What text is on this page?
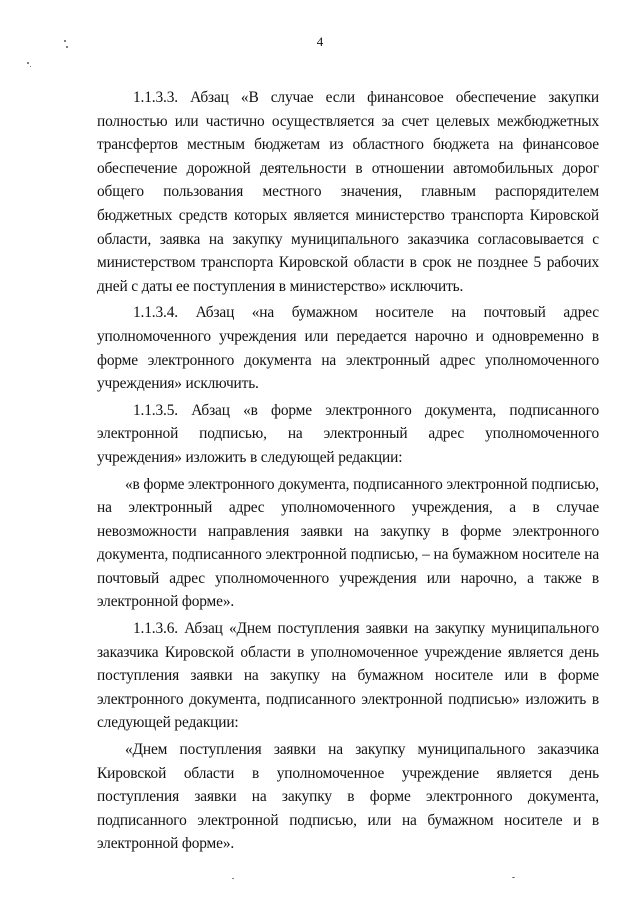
4

1.1.3.3. Абзац «В случае если финансовое обеспечение закупки полностью или частично осуществляется за счет целевых межбюджетных трансфертов местным бюджетам из областного бюджета на финансовое обеспечение дорожной деятельности в отношении автомобильных дорог общего пользования местного значения, главным распорядителем бюджетных средств которых является министерство транспорта Кировской области, заявка на закупку муниципального заказчика согласовывается с министерством транспорта Кировской области в срок не позднее 5 рабочих дней с даты ее поступления в министерство» исключить.

1.1.3.4. Абзац «на бумажном носителе на почтовый адрес уполномоченного учреждения или передается нарочно и одновременно в форме электронного документа на электронный адрес уполномоченного учреждения» исключить.

1.1.3.5. Абзац «в форме электронного документа, подписанного электронной подписью, на электронный адрес уполномоченного учреждения» изложить в следующей редакции:

«в форме электронного документа, подписанного электронной подписью, на электронный адрес уполномоченного учреждения, а в случае невозможности направления заявки на закупку в форме электронного документа, подписанного электронной подписью, – на бумажном носителе на почтовый адрес уполномоченного учреждения или нарочно, а также в электронной форме».

1.1.3.6. Абзац «Днем поступления заявки на закупку муниципального заказчика Кировской области в уполномоченное учреждение является день поступления заявки на закупку на бумажном носителе или в форме электронного документа, подписанного электронной подписью» изложить в следующей редакции:

«Днем поступления заявки на закупку муниципального заказчика Кировской области в уполномоченное учреждение является день поступления заявки на закупку в форме электронного документа, подписанного электронной подписью, или на бумажном носителе и в электронной форме».
